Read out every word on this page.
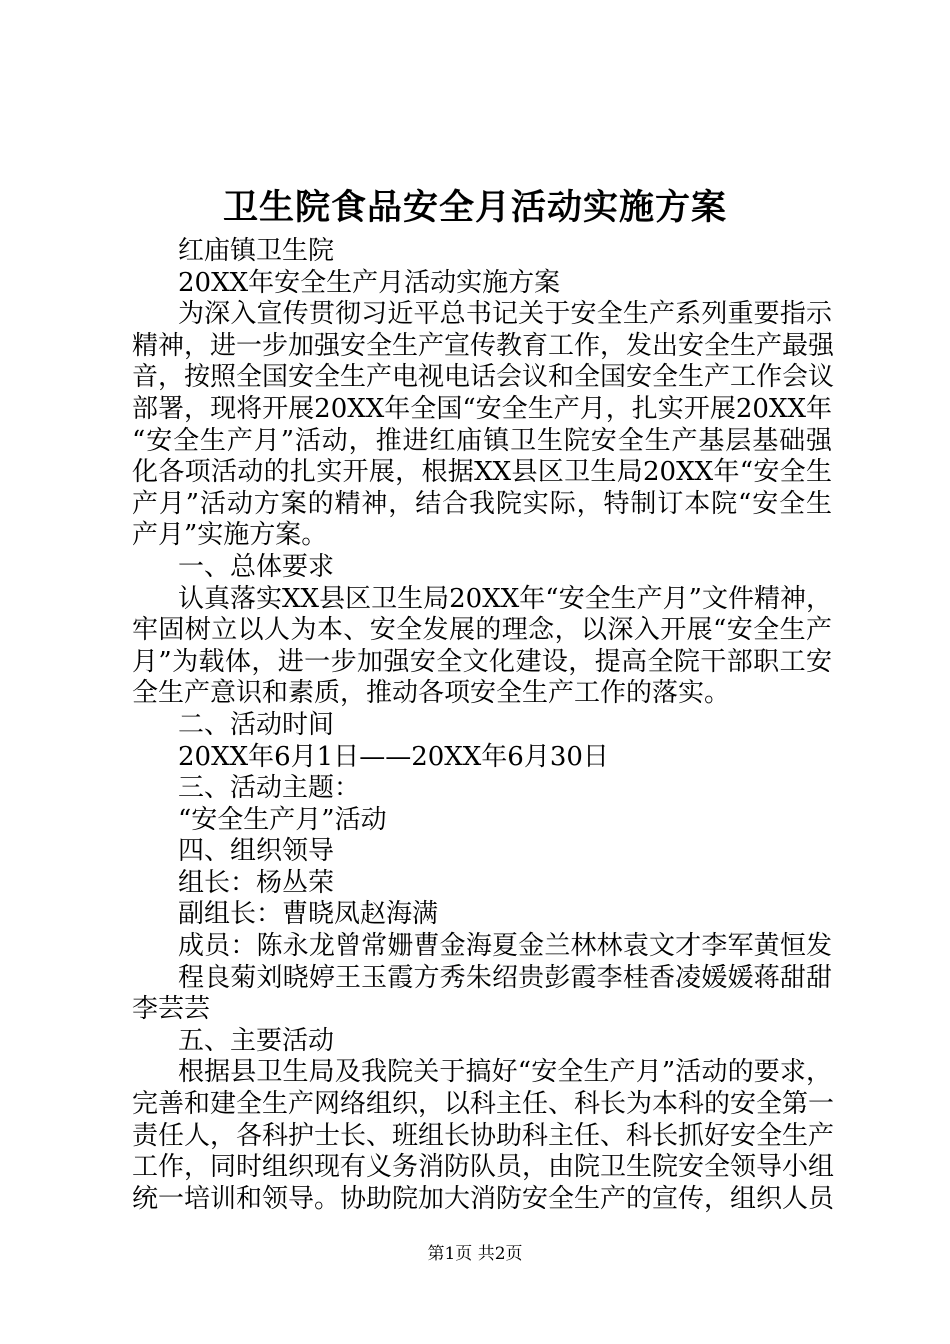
卫生院食品安全月活动实施方案
红庙镇卫生院
20XX年安全生产月活动实施方案
为深入宣传贯彻习近平总书记关于安全生产系列重要指示
精神，进一步加强安全生产宣传教育工作，发出安全生产最强
音，按照全国安全生产电视电话会议和全国安全生产工作会议
部署，现将开展20XX年全国“安全生产月，扎实开展20XX年
“安全生产月”活动，推进红庙镇卫生院安全生产基层基础强
化各项活动的扎实开展，根据XX县区卫生局20XX年“安全生
产月”活动方案的精神，结合我院实际，特制订本院“安全生
产月”实施方案。
一、总体要求
认真落实XX县区卫生局20XX年“安全生产月”文件精神，
牢固树立以人为本、安全发展的理念，以深入开展“安全生产
月”为载体，进一步加强安全文化建设，提高全院干部职工安
全生产意识和素质，推动各项安全生产工作的落实。
二、活动时间
20XX年6月1日——20XX年6月30日
三、活动主题：
“安全生产月”活动
四、组织领导
组长：杨丛荣
副组长：曹晓凤赵海满
成员：陈永龙曾常姗曹金海夏金兰林林袁文才李军黄恒发
程良菊刘晓婷王玉霞方秀朱绍贵彭霞李桂香凌媛媛蒋甜甜
李芸芸
五、主要活动
根据县卫生局及我院关于搞好“安全生产月”活动的要求，
完善和建全生产网络组织，以科主任、科长为本科的安全第一
责任人，各科护士长、班组长协助科主任、科长抓好安全生产
工作，同时组织现有义务消防队员，由院卫生院安全领导小组
统一培训和领导。协助院加大消防安全生产的宣传，组织人员
第1页 共2页
